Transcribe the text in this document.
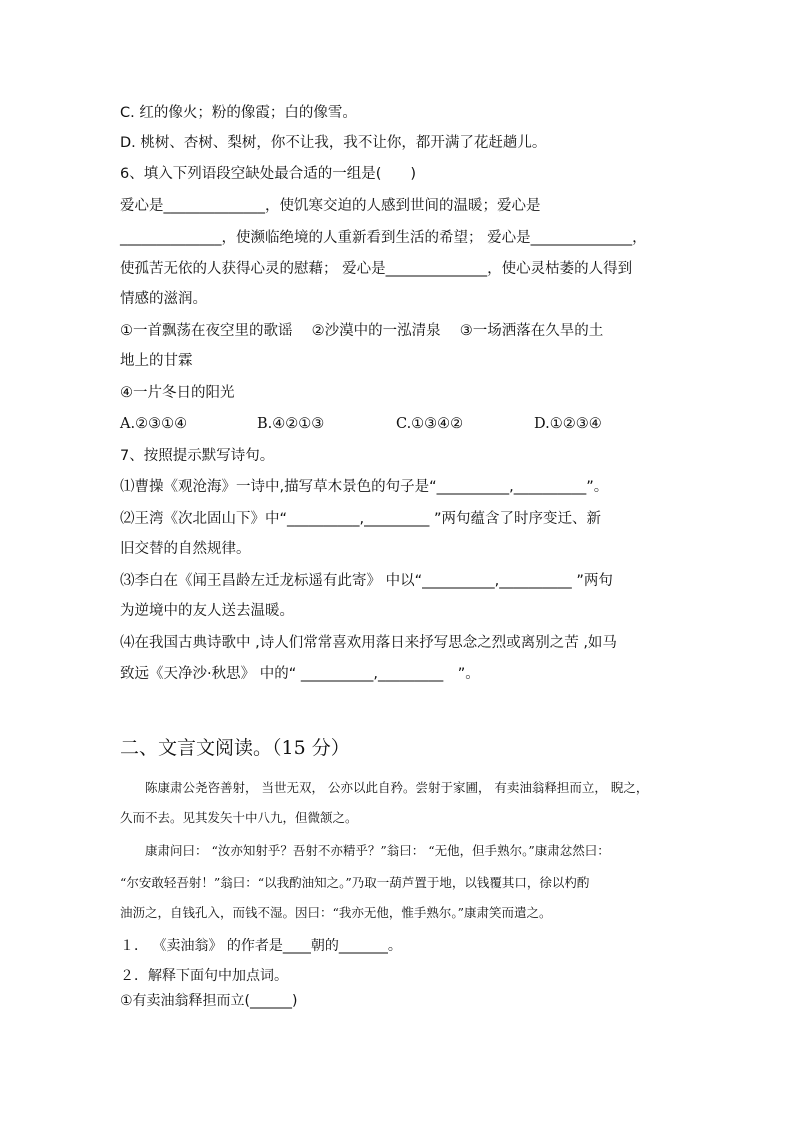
C. 红的像火；粉的像霞；白的像雪。
D. 桃树、杏树、梨树，你不让我，我不让你，都开满了花赶趟儿。
6、填入下列语段空缺处最合适的一组是(　　)
爱心是______________，使饥寒交迫的人感到世间的温暖；爱心是
______________，使濒临绝境的人重新看到生活的希望； 爱心是______________，
使孤苦无依的人获得心灵的慰藉； 爱心是______________，使心灵枯萎的人得到
情感的滋润。
①一首飘荡在夜空里的歌谣　 ②沙漠中的一泓清泉　 ③一场洒落在久旱的土
地上的甘霖
④一片冬日的阳光
A.②③①④	B.④②①③	C.①③④②	D.①②③④
7、按照提示默写诗句。
⑴曹操《观沧海》一诗中,描写草木景色的句子是“__________,__________”。
⑵王湾《次北固山下》中“__________,_________ ”两句蕴含了时序变迁、新
旧交替的自然规律。
⑶李白在《闻王昌龄左迁龙标遥有此寄》 中以“__________,__________ ”两句
为逆境中的友人送去温暖。
⑷在我国古典诗歌中 ,诗人们常常喜欢用落日来抒写思念之烈或离别之苦 ,如马
致远《天净沙·秋思》 中的“ __________,_________　”。
二、文言文阅读。（15 分）
　　陈康肃公尧咨善射， 当世无双， 公亦以此自矜。尝射于家圃， 有卖油翁释担而立， 睨之，
久而不去。见其发矢十中八九，但微颔之。
　　康肃问曰： “汝亦知射乎？吾射不亦精乎？”翁曰： “无他，但手熟尔。”康肃忿然曰：
“尔安敢轻吾射！”翁曰：“以我酌油知之。”乃取一葫芦置于地，以钱覆其口，徐以杓酌
油沥之，自钱孔入，而钱不湿。因曰：“我亦无他，惟手熟尔。”康肃笑而遣之。
１． 《卖油翁》 的作者是____朝的_______。
２．解释下面句中加点词。
①有卖油翁释担而立(______)
